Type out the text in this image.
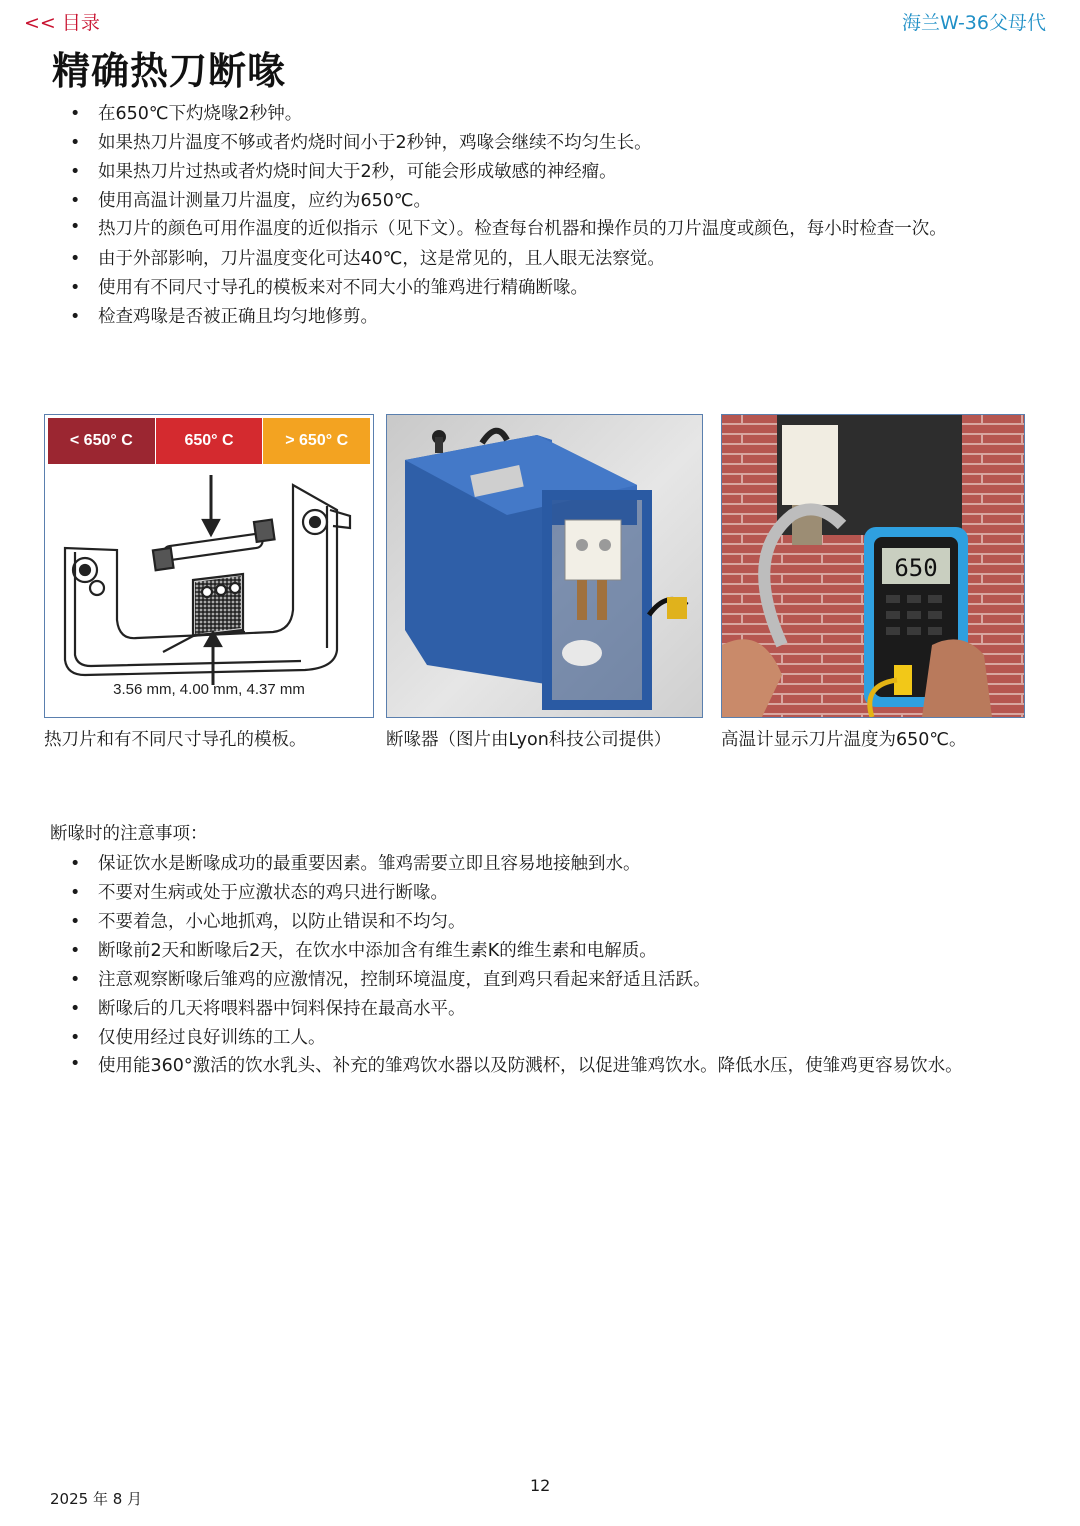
<< 目录	海兰W-36父母代
精确热刀断喙
• 在650℃下灼烧喙2秒钟。
• 如果热刀片温度不够或者灼烧时间小于2秒钟，鸡喙会继续不均匀生长。
• 如果热刀片过热或者灼烧时间大于2秒，可能会形成敏感的神经瘤。
• 使用高温计测量刀片温度，应约为650℃。
• 热刀片的颜色可用作温度的近似指示（见下文）。检查每台机器和操作员的刀片温度或颜色，每小时检查一次。
• 由于外部影响，刀片温度变化可达40℃，这是常见的，且人眼无法察觉。
• 使用有不同尺寸导孔的模板来对不同大小的雏鸡进行精确断喙。
• 检查鸡喙是否被正确且均匀地修剪。
< 650° C	650° C	> 650° C
3.56 mm, 4.00 mm, 4.37 mm
650
热刀片和有不同尺寸导孔的模板。	断喙器（图片由Lyon科技公司提供）	高温计显示刀片温度为650℃。
断喙时的注意事项：
• 保证饮水是断喙成功的最重要因素。雏鸡需要立即且容易地接触到水。
• 不要对生病或处于应激状态的鸡只进行断喙。
• 不要着急，小心地抓鸡，以防止错误和不均匀。
• 断喙前2天和断喙后2天，在饮水中添加含有维生素K的维生素和电解质。
• 注意观察断喙后雏鸡的应激情况，控制环境温度，直到鸡只看起来舒适且活跃。
• 断喙后的几天将喂料器中饲料保持在最高水平。
• 仅使用经过良好训练的工人。
• 使用能360°激活的饮水乳头、补充的雏鸡饮水器以及防溅杯，以促进雏鸡饮水。降低水压，使雏鸡更容易饮水。
2025 年 8 月
12
